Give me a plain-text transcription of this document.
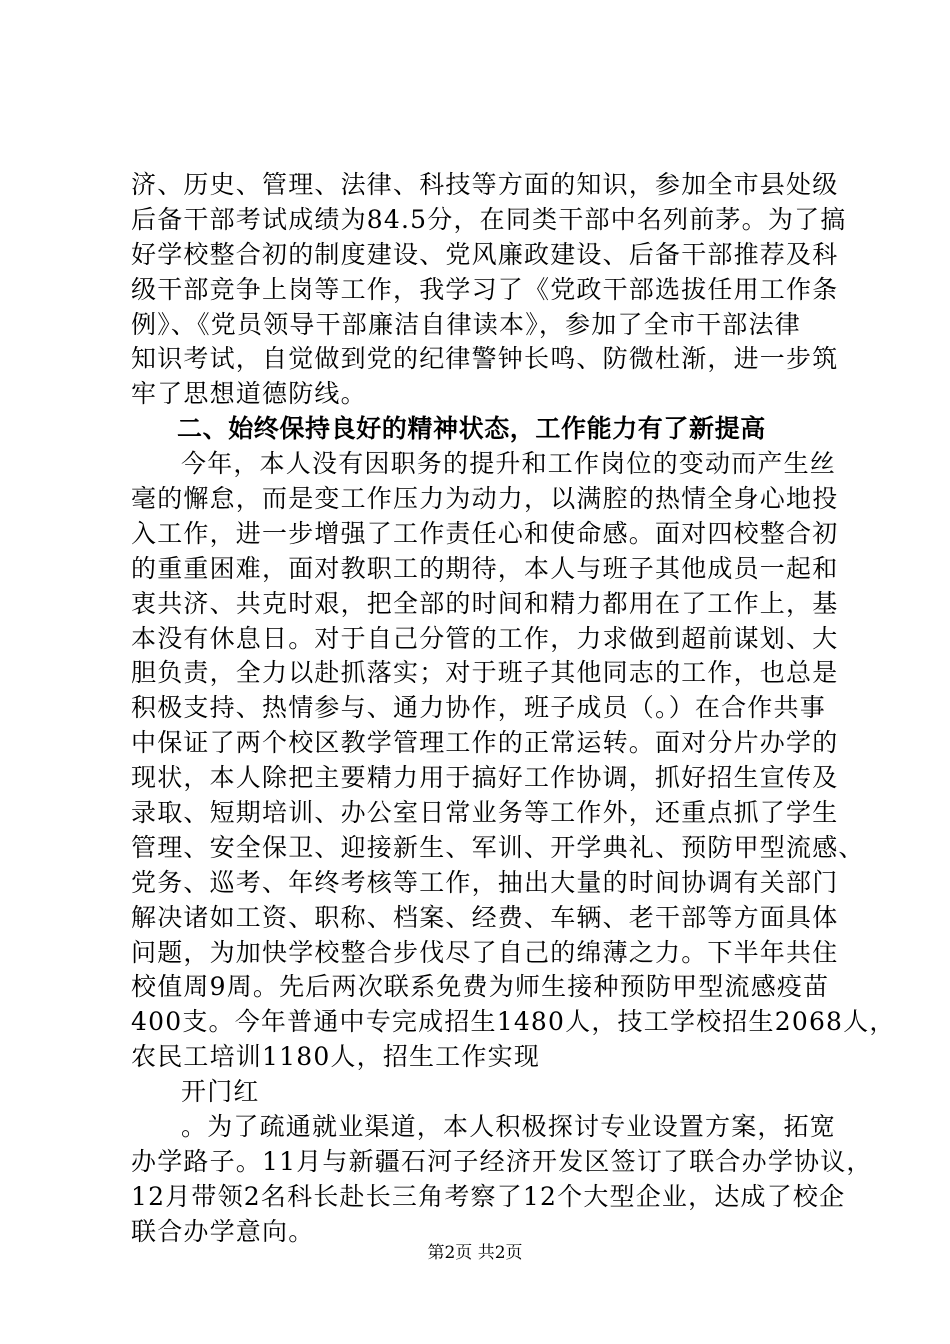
济、历史、管理、法律、科技等方面的知识，参加全市县处级
后备干部考试成绩为84.5分，在同类干部中名列前茅。为了搞
好学校整合初的制度建设、党风廉政建设、后备干部推荐及科
级干部竞争上岗等工作，我学习了《党政干部选拔任用工作条
例》、《党员领导干部廉洁自律读本》，参加了全市干部法律
知识考试，自觉做到党的纪律警钟长鸣、防微杜渐，进一步筑
牢了思想道德防线。
二、始终保持良好的精神状态，工作能力有了新提高
今年，本人没有因职务的提升和工作岗位的变动而产生丝
毫的懈怠，而是变工作压力为动力，以满腔的热情全身心地投
入工作，进一步增强了工作责任心和使命感。面对四校整合初
的重重困难，面对教职工的期待，本人与班子其他成员一起和
衷共济、共克时艰，把全部的时间和精力都用在了工作上，基
本没有休息日。对于自己分管的工作，力求做到超前谋划、大
胆负责，全力以赴抓落实；对于班子其他同志的工作，也总是
积极支持、热情参与、通力协作，班子成员（。）在合作共事
中保证了两个校区教学管理工作的正常运转。面对分片办学的
现状，本人除把主要精力用于搞好工作协调，抓好招生宣传及
录取、短期培训、办公室日常业务等工作外，还重点抓了学生
管理、安全保卫、迎接新生、军训、开学典礼、预防甲型流感、
党务、巡考、年终考核等工作，抽出大量的时间协调有关部门
解决诸如工资、职称、档案、经费、车辆、老干部等方面具体
问题，为加快学校整合步伐尽了自己的绵薄之力。下半年共住
校值周9周。先后两次联系免费为师生接种预防甲型流感疫苗
400支。今年普通中专完成招生1480人，技工学校招生2068人，
农民工培训1180人，招生工作实现
开门红
。为了疏通就业渠道，本人积极探讨专业设置方案，拓宽
办学路子。11月与新疆石河子经济开发区签订了联合办学协议，
12月带领2名科长赴长三角考察了12个大型企业，达成了校企
联合办学意向。
第2页 共2页
